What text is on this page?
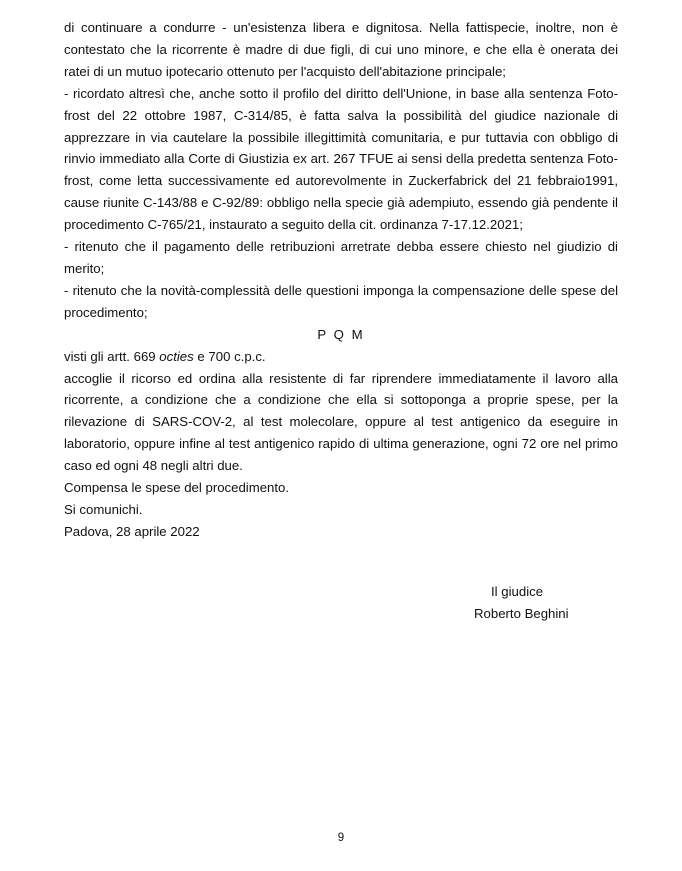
di continuare a condurre - un'esistenza libera e dignitosa. Nella fattispecie, inoltre, non è contestato che la ricorrente è madre di due figli, di cui uno minore, e che ella è onerata dei ratei di un mutuo ipotecario ottenuto per l'acquisto dell'abitazione principale;

- ricordato altresì che, anche sotto il profilo del diritto dell'Unione, in base alla sentenza Foto-frost del 22 ottobre 1987, C-314/85, è fatta salva la possibilità del giudice nazionale di apprezzare in via cautelare la possibile illegittimità comunitaria, e pur tuttavia con obbligo di rinvio immediato alla Corte di Giustizia ex art. 267 TFUE ai sensi della predetta sentenza Foto-frost, come letta successivamente ed autorevolmente in Zuckerfabrick del 21 febbraio1991, cause riunite C-143/88 e C-92/89: obbligo nella specie già adempiuto, essendo già pendente il procedimento C-765/21, instaurato a seguito della cit. ordinanza 7-17.12.2021;

- ritenuto che il pagamento delle retribuzioni arretrate debba essere chiesto nel giudizio di merito;

- ritenuto che la novità-complessità delle questioni imponga la compensazione delle spese del procedimento;

P Q M

visti gli artt. 669 octies e 700 c.p.c.

accoglie il ricorso ed ordina alla resistente di far riprendere immediatamente il lavoro alla ricorrente, a condizione che a condizione che ella si sottoponga a proprie spese, per la rilevazione di SARS-COV-2, al test molecolare, oppure al test antigenico da eseguire in laboratorio, oppure infine al test antigenico rapido di ultima generazione, ogni 72 ore nel primo caso ed ogni 48 negli altri due.

Compensa le spese del procedimento.

Si comunichi.

Padova, 28 aprile 2022

Il giudice
Roberto Beghini
9
